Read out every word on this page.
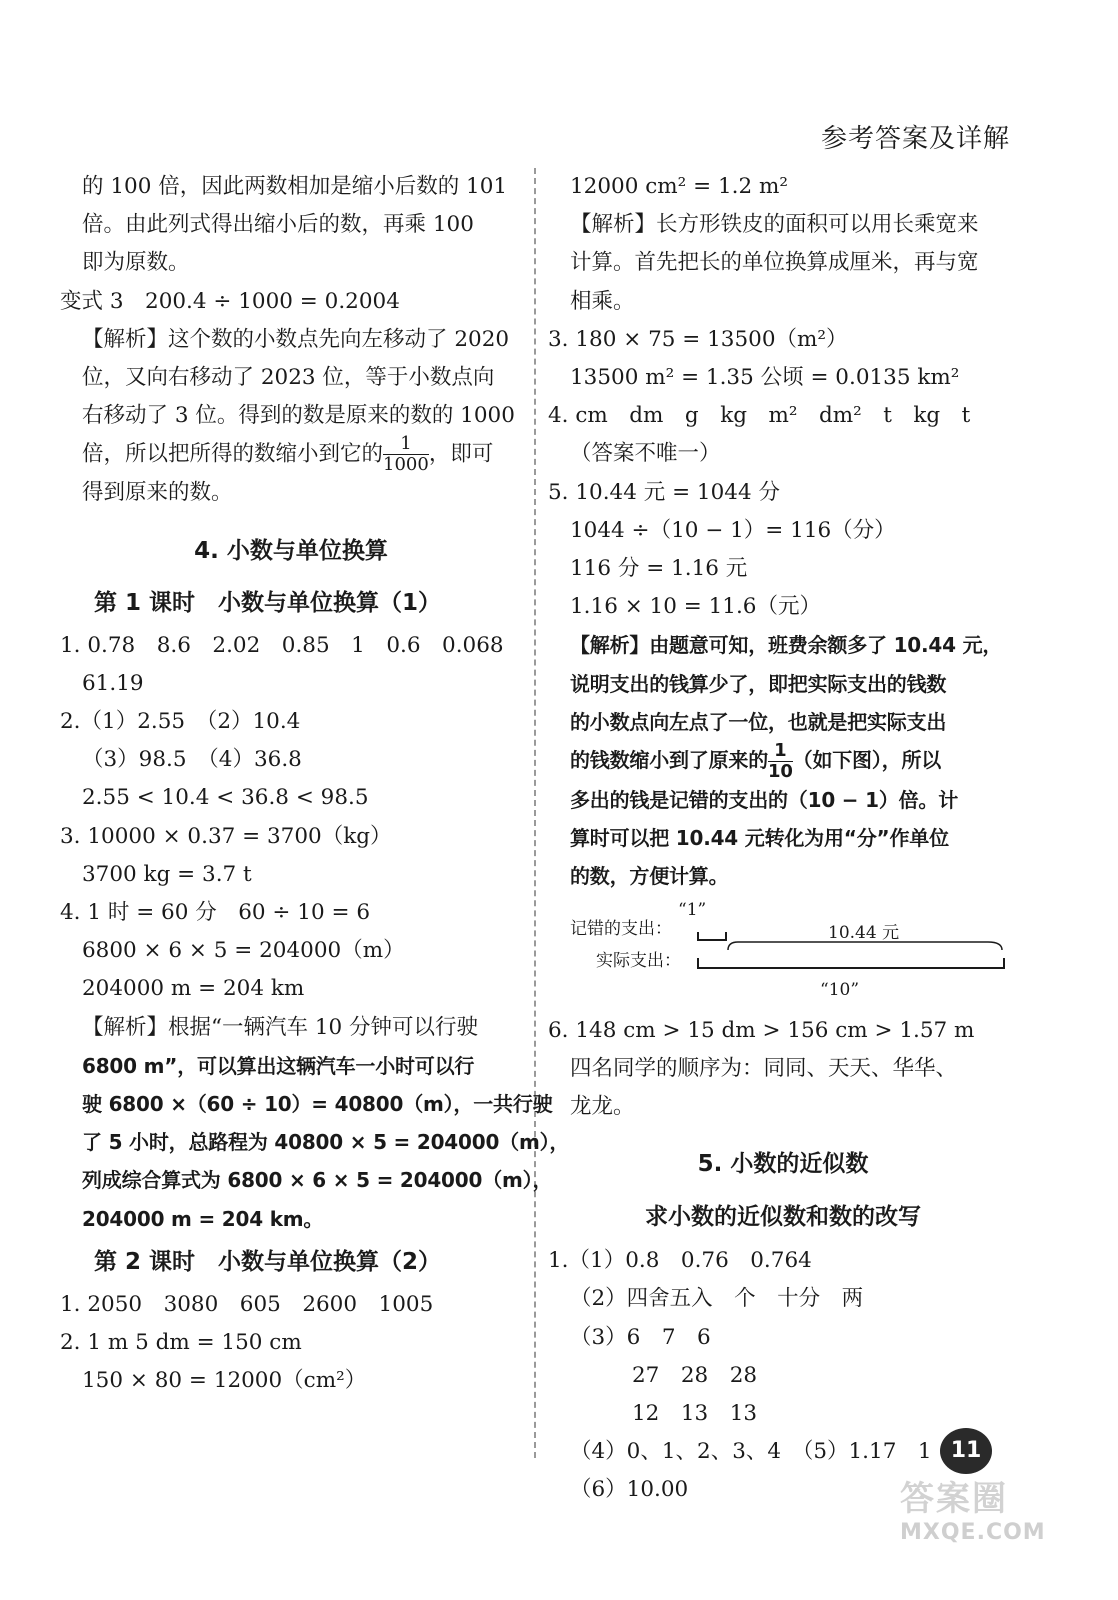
参考答案及详解
的 100 倍，因此两数相加是缩小后数的 101
倍。由此列式得出缩小后的数，再乘 100
即为原数。
变式 3　200.4 ÷ 1000 = 0.2004
【解析】这个数的小数点先向左移动了 2020
位，又向右移动了 2023 位，等于小数点向
右移动了 3 位。得到的数是原来的数的 1000
倍，所以把所得的数缩小到它的 $\frac{1}{1000}$ ，即可
得到原来的数。
4. 小数与单位换算
第 1 课时　小数与单位换算（1）
1. 0.78　8.6　2.02　0.85　1　0.6　0.068
61.19
2.（1）2.55　（2）10.4
（3）98.5　（4）36.8
2.55 < 10.4 < 36.8 < 98.5
3. 10000 × 0.37 = 3700（kg）
3700 kg = 3.7 t
4. 1 时 = 60 分　60 ÷ 10 = 6
6800 × 6 × 5 = 204000（m）
204000 m = 204 km
【解析】根据“一辆汽车 10 分钟可以行驶
6800 m”，可以算出这辆汽车一小时可以行
驶 6800 ×（60 ÷ 10）= 40800（m），一共行驶
了 5 小时，总路程为 40800 × 5 = 204000（m），
列成综合算式为 6800 × 6 × 5 = 204000（m），
204000 m = 204 km。
第 2 课时　小数与单位换算（2）
1. 2050　3080　605　2600　1005
2. 1 m 5 dm = 150 cm
150 × 80 = 12000（cm²）
12000 cm² = 1.2 m²
【解析】长方形铁皮的面积可以用长乘宽来
计算。首先把长的单位换算成厘米，再与宽
相乘。
3. 180 × 75 = 13500（m²）
13500 m² = 1.35 公顷 = 0.0135 km²
4. cm　dm　g　kg　m²　dm²　t　kg　t
（答案不唯一）
5. 10.44 元 = 1044 分
1044 ÷（10 − 1）= 116（分）
116 分 = 1.16 元
1.16 × 10 = 11.6（元）
【解析】由题意可知，班费余额多了 10.44 元，
说明支出的钱算少了，即把实际支出的钱数
的小数点向左点了一位，也就是把实际支出
的钱数缩小到了原来的 $\frac{1}{10}$ （如下图），所以
多出的钱是记错的支出的（10 − 1）倍。计
算时可以把 10.44 元转化为用“分”作单位
的数，方便计算。
记错的支出：
“1”
实际支出：
10.44 元
“10”
6. 148 cm > 15 dm > 156 cm > 1.57 m
四名同学的顺序为：同同、天天、华华、
龙龙。
5. 小数的近似数
求小数的近似数和数的改写
1.（1）0.8　0.76　0.764
（2）四舍五入　个　十分　两
（3）6　7　6
27　28　28
12　13　13
（4）0、1、2、3、4　（5）1.17　1
（6）10.00
11
答案圈
MXQE.COM
